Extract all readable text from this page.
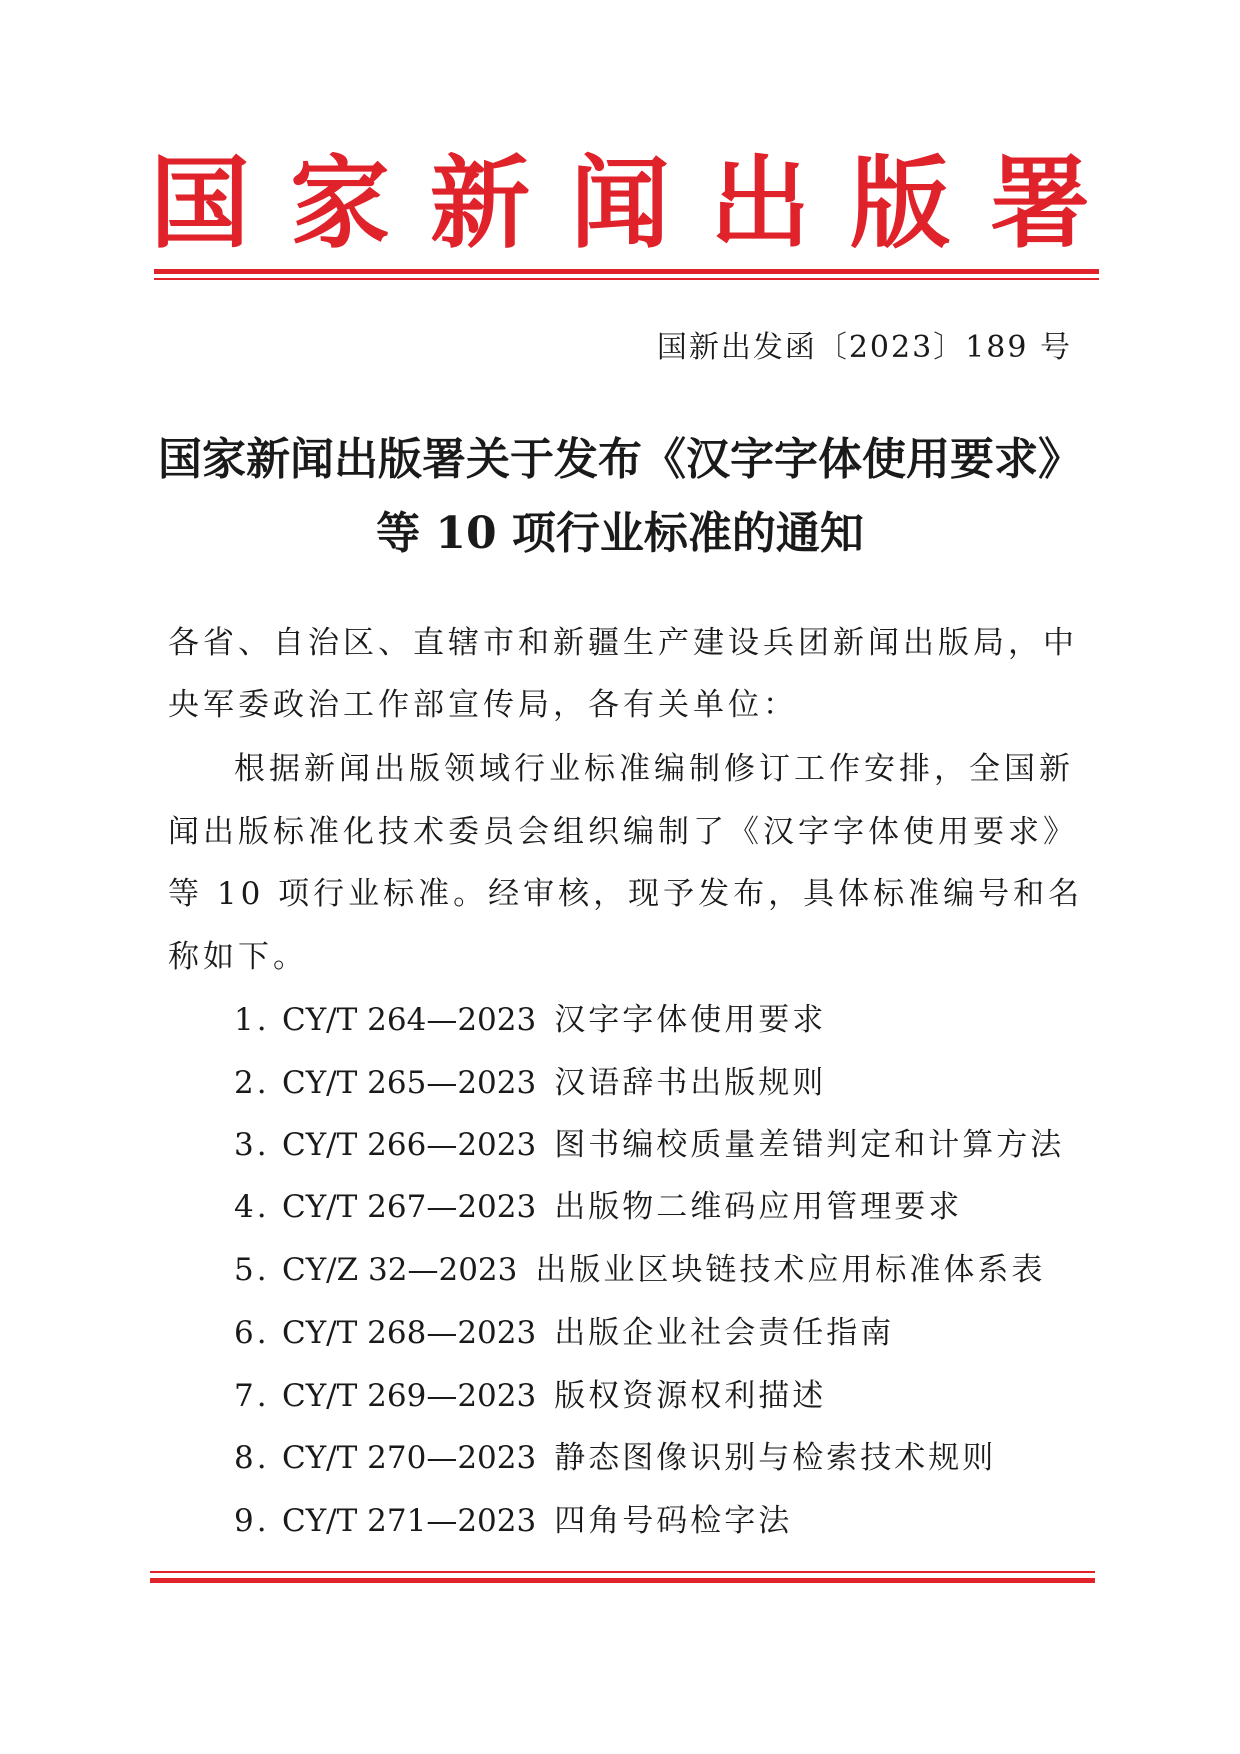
国 家 新 闻 出 版 署
国新出发函〔2023〕189 号
国家新闻出版署关于发布《汉字字体使用要求》
等 10 项行业标准的通知
各省、自治区、直辖市和新疆生产建设兵团新闻出版局，中
央军委政治工作部宣传局，各有关单位：
根据新闻出版领域行业标准编制修订工作安排，全国新
闻出版标准化技术委员会组织编制了《汉字字体使用要求》
等 10 项行业标准。经审核，现予发布，具体标准编号和名
称如下。
1. CY/T 264—2023 汉字字体使用要求
2. CY/T 265—2023 汉语辞书出版规则
3. CY/T 266—2023 图书编校质量差错判定和计算方法
4. CY/T 267—2023 出版物二维码应用管理要求
5. CY/Z 32—2023 出版业区块链技术应用标准体系表
6. CY/T 268—2023 出版企业社会责任指南
7. CY/T 269—2023 版权资源权利描述
8. CY/T 270—2023 静态图像识别与检索技术规则
9. CY/T 271—2023 四角号码检字法
